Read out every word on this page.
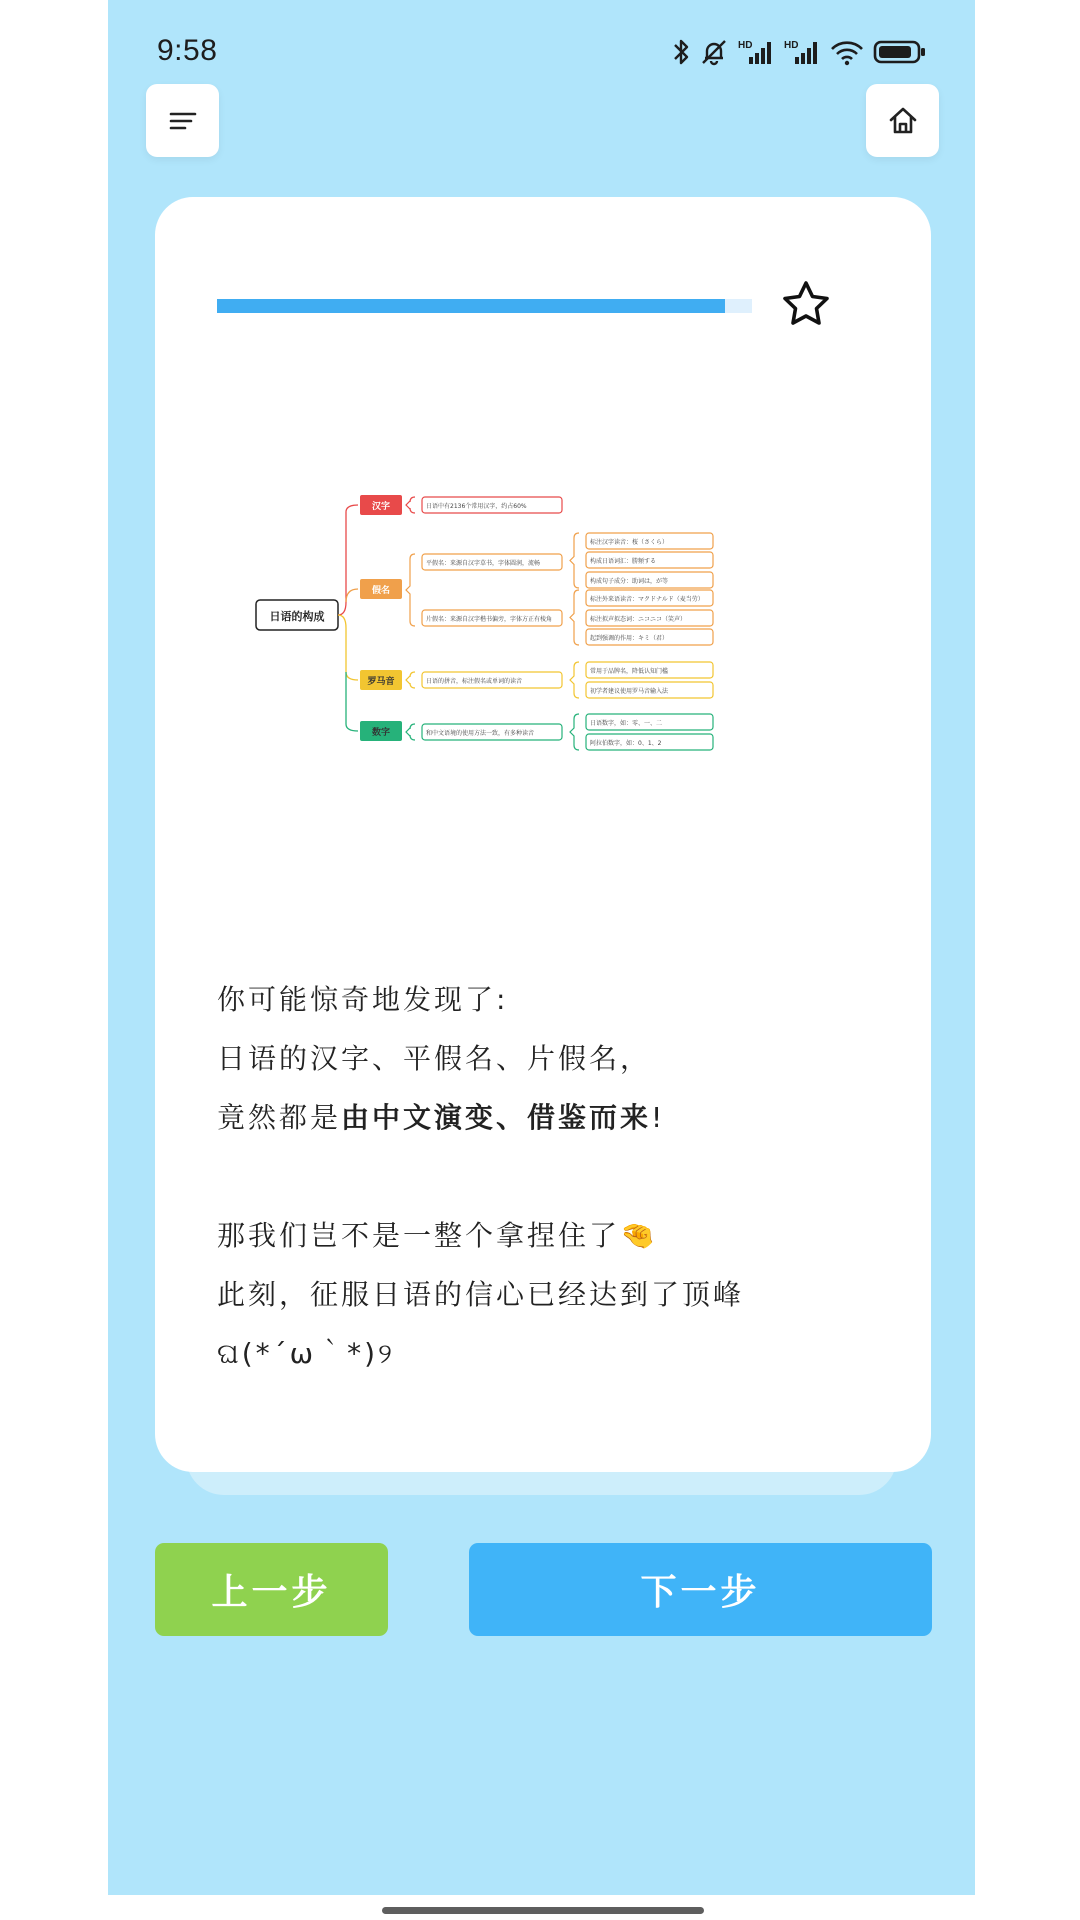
9:58	HD	HD
日语的构成
汉字	日语中有2136个常用汉字，约占60%
假名
平假名：来源自汉字草书，字体圆润，流畅
片假名：来源自汉字楷书偏旁，字体方正有棱角
标注汉字读音：桜（さくら）
构成日语词汇：勝頻する
构成句子成分：助词は，が等
标注外来语读音：マクドナルド（麦当劳）
标注拟声拟态词：ニコニコ（笑声）
起到强调的作用：キミ（君）
罗马音	日语的拼音，标注假名或单词的读音
常用于品牌名，降低认知门槛
初学者建议使用罗马音输入法
数字	和中文语境的使用方法一致，有多种读音
日语数字，如：零、一、二
阿拉伯数字，如：0、1、2
你可能惊奇地发现了:
日语的汉字、平假名、片假名，
竟然都是由中文演变、借鉴而来!
那我们岂不是一整个拿捏住了🤏
此刻，征服日语的信心已经达到了顶峰
ଘ(*´ω｀*)୨
上一步	下一步
